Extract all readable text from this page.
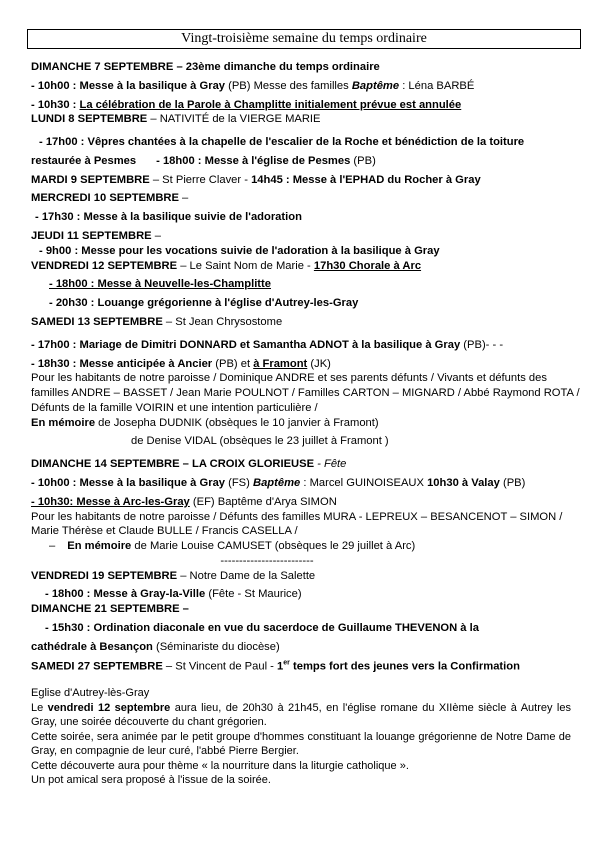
Vingt-troisième semaine du temps ordinaire

DIMANCHE 7 SEPTEMBRE – 23ème dimanche du temps ordinaire

- 10h00 : Messe à la basilique à Gray (PB) Messe des familles Baptême : Léna BARBÉ

- 10h30 : La célébration de la Parole à Champlitte initialement prévue est annulée

LUNDI 8 SEPTEMBRE – NATIVITÉ de la VIERGE MARIE

- 17h00 : Vêpres chantées à la chapelle de l'escalier de la Roche et bénédiction de la toiture

restaurée à Pesmes - 18h00 : Messe à l'église de Pesmes (PB)

MARDI 9 SEPTEMBRE – St Pierre Claver - 14h45 : Messe à l'EPHAD du Rocher à Gray

MERCREDI 10 SEPTEMBRE –

- 17h30 : Messe à la basilique suivie de l'adoration

JEUDI 11 SEPTEMBRE –

- 9h00 : Messe pour les vocations suivie de l'adoration à la basilique à Gray

VENDREDI 12 SEPTEMBRE – Le Saint Nom de Marie - 17h30 Chorale à Arc

- 18h00 : Messe à Neuvelle-les-Champlitte

- 20h30 : Louange grégorienne à l'église d'Autrey-les-Gray

SAMEDI 13 SEPTEMBRE – St Jean Chrysostome

- 17h00 : Mariage de Dimitri DONNARD et Samantha ADNOT à la basilique à Gray (PB)- - -

- 18h30 : Messe anticipée à Ancier (PB) et à Framont (JK)

Pour les habitants de notre paroisse / Dominique ANDRE et ses parents défunts / Vivants et défunts des familles ANDRE – BASSET / Jean Marie POULNOT / Familles CARTON – MIGNARD / Abbé Raymond ROTA / Défunts de la famille VOIRIN et une intention particulière /

En mémoire de Josepha DUDNIK (obsèques le 10 janvier à Framont)

de Denise VIDAL (obsèques le 23 juillet à Framont )

DIMANCHE 14 SEPTEMBRE – LA CROIX GLORIEUSE - Fête

- 10h00 : Messe à la basilique à Gray (FS) Baptême : Marcel GUINOISEAUX 10h30 à Valay (PB)

- 10h30: Messe à Arc-les-Gray (EF) Baptême d'Arya SIMON

Pour les habitants de notre paroisse / Défunts des familles MURA - LEPREUX – BESANCENOT – SIMON / Marie Thérèse et Claude BULLE / Francis CASELLA /

– En mémoire de Marie Louise CAMUSET (obsèques le 29 juillet à Arc)

-------------------------

VENDREDI 19 SEPTEMBRE – Notre Dame de la Salette

- 18h00 : Messe à Gray-la-Ville (Fête - St Maurice)

DIMANCHE 21 SEPTEMBRE –

- 15h30 : Ordination diaconale en vue du sacerdoce de Guillaume THEVENON à la

cathédrale à Besançon (Séminariste du diocèse)

SAMEDI 27 SEPTEMBRE – St Vincent de Paul - 1er temps fort des jeunes vers la Confirmation

Eglise d'Autrey-lès-Gray

Le vendredi 12 septembre aura lieu, de 20h30 à 21h45, en l'église romane du XIIème siècle à Autrey les Gray, une soirée découverte du chant grégorien.

Cette soirée, sera animée par le petit groupe d'hommes constituant la louange grégorienne de Notre Dame de Gray, en compagnie de leur curé, l'abbé Pierre Bergier.

Cette découverte aura pour thème « la nourriture dans la liturgie catholique ».

Un pot amical sera proposé à l'issue de la soirée.
